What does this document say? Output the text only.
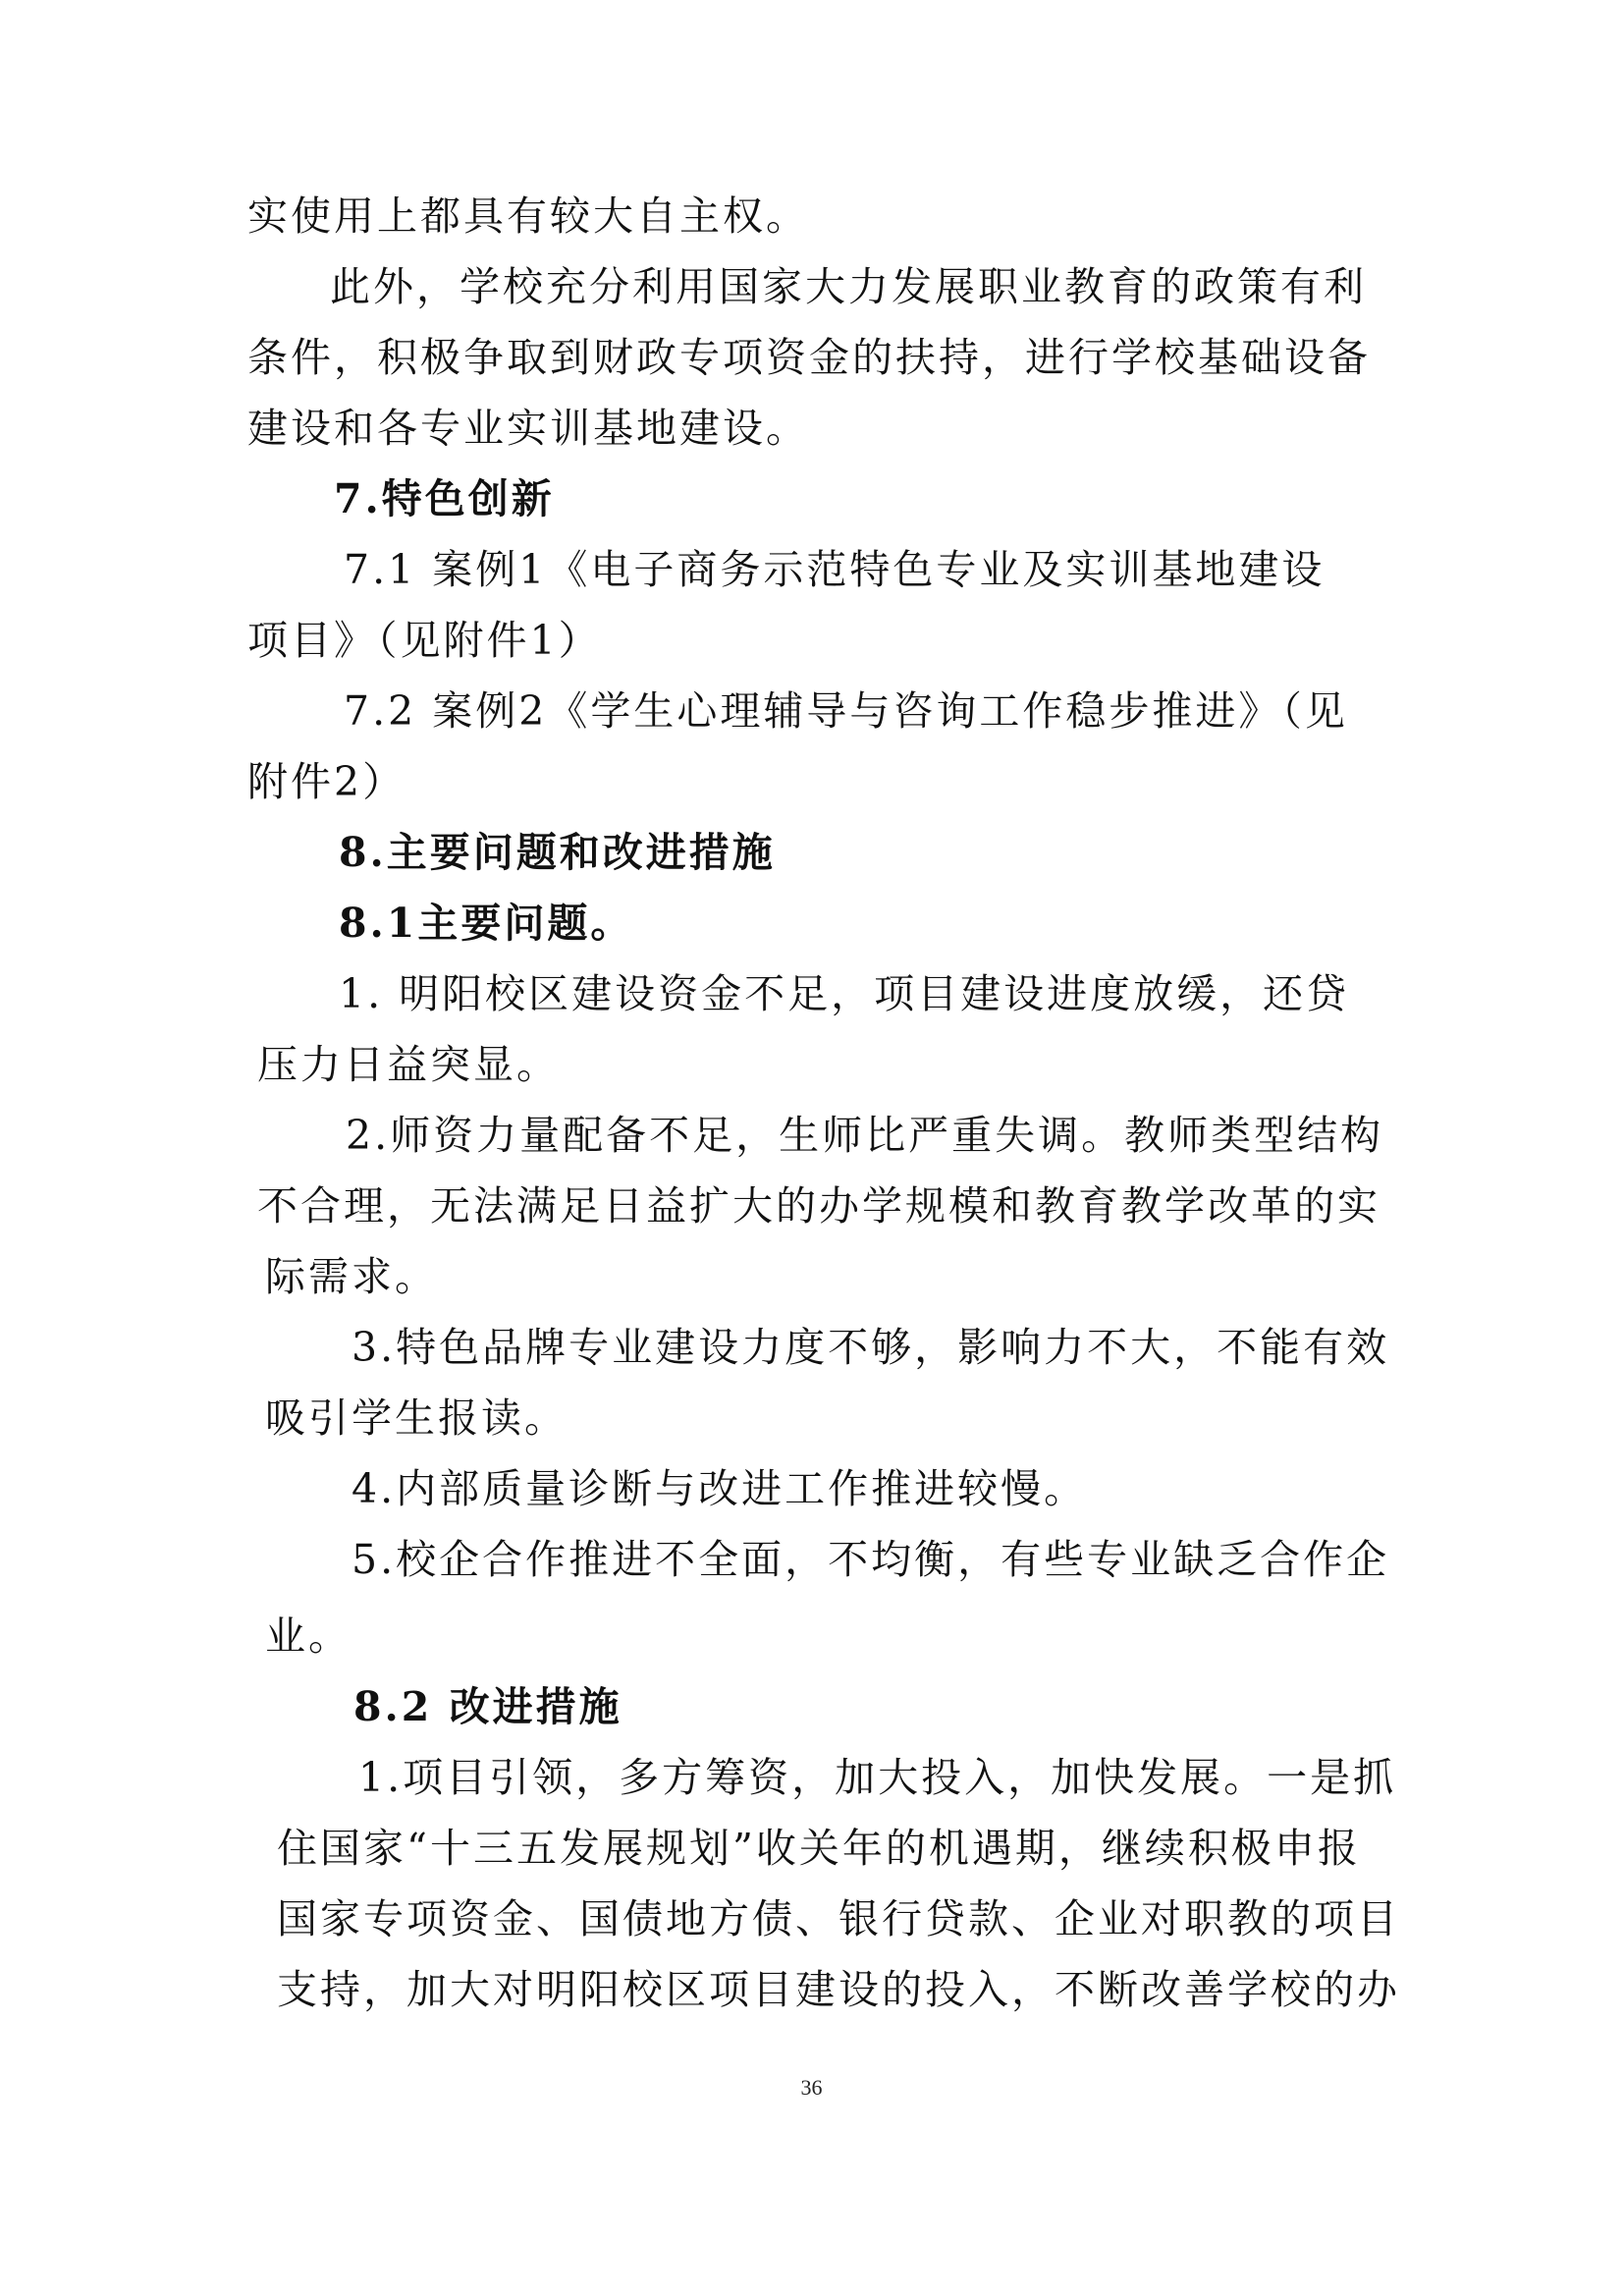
实使用上都具有较大自主权。
此外，学校充分利用国家大力发展职业教育的政策有利
条件，积极争取到财政专项资金的扶持，进行学校基础设备
建设和各专业实训基地建设。
7.特色创新
7.1 案例1《电子商务示范特色专业及实训基地建设
项目》（见附件1）
7.2 案例2《学生心理辅导与咨询工作稳步推进》（见
附件2）
8.主要问题和改进措施
8.1主要问题。
1. 明阳校区建设资金不足，项目建设进度放缓，还贷
压力日益突显。
2.师资力量配备不足，生师比严重失调。教师类型结构
不合理，无法满足日益扩大的办学规模和教育教学改革的实
际需求。
3.特色品牌专业建设力度不够，影响力不大，不能有效
吸引学生报读。
4.内部质量诊断与改进工作推进较慢。
5.校企合作推进不全面，不均衡，有些专业缺乏合作企
业。
8.2 改进措施
1.项目引领，多方筹资，加大投入，加快发展。一是抓
住国家“十三五发展规划”收关年的机遇期，继续积极申报
国家专项资金、国债地方债、银行贷款、企业对职教的项目
支持，加大对明阳校区项目建设的投入，不断改善学校的办
36
